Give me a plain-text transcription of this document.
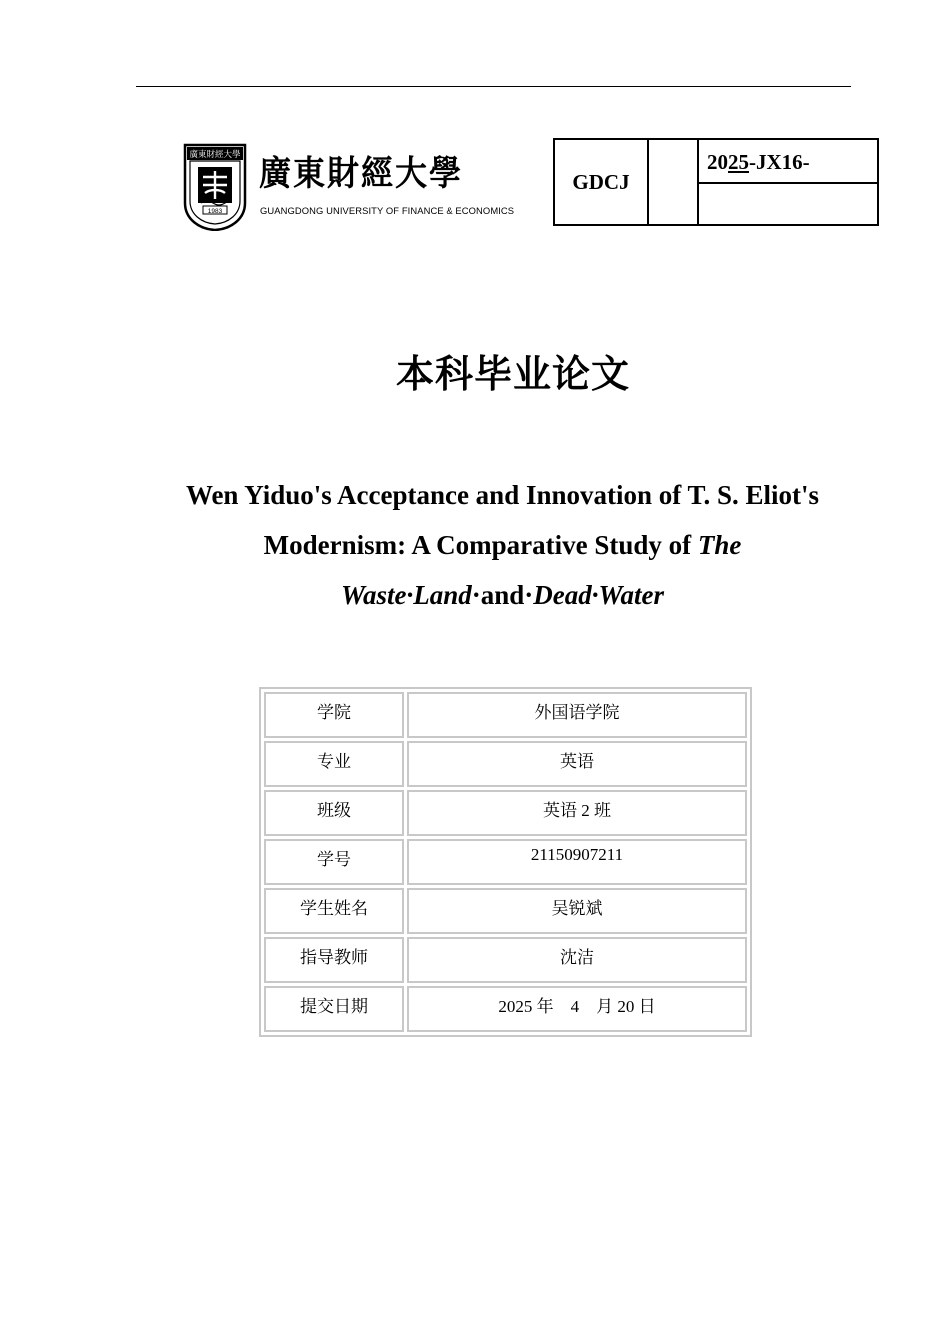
廣東財經大學
1983
廣東財經大學
GUANGDONG UNIVERSITY OF FINANCE & ECONOMICS
GDCJ		2025-JX16-

本科毕业论文
Wen Yiduo's Acceptance and Innovation of T. S. Eliot's
Modernism: A Comparative Study of The
Waste·Land·and·Dead·Water
学院	外国语学院
专业	英语
班级	英语 2 班
学号	21150907211
学生姓名	吴锐斌
指导教师	沈洁
提交日期	2025 年　4　月 20 日
